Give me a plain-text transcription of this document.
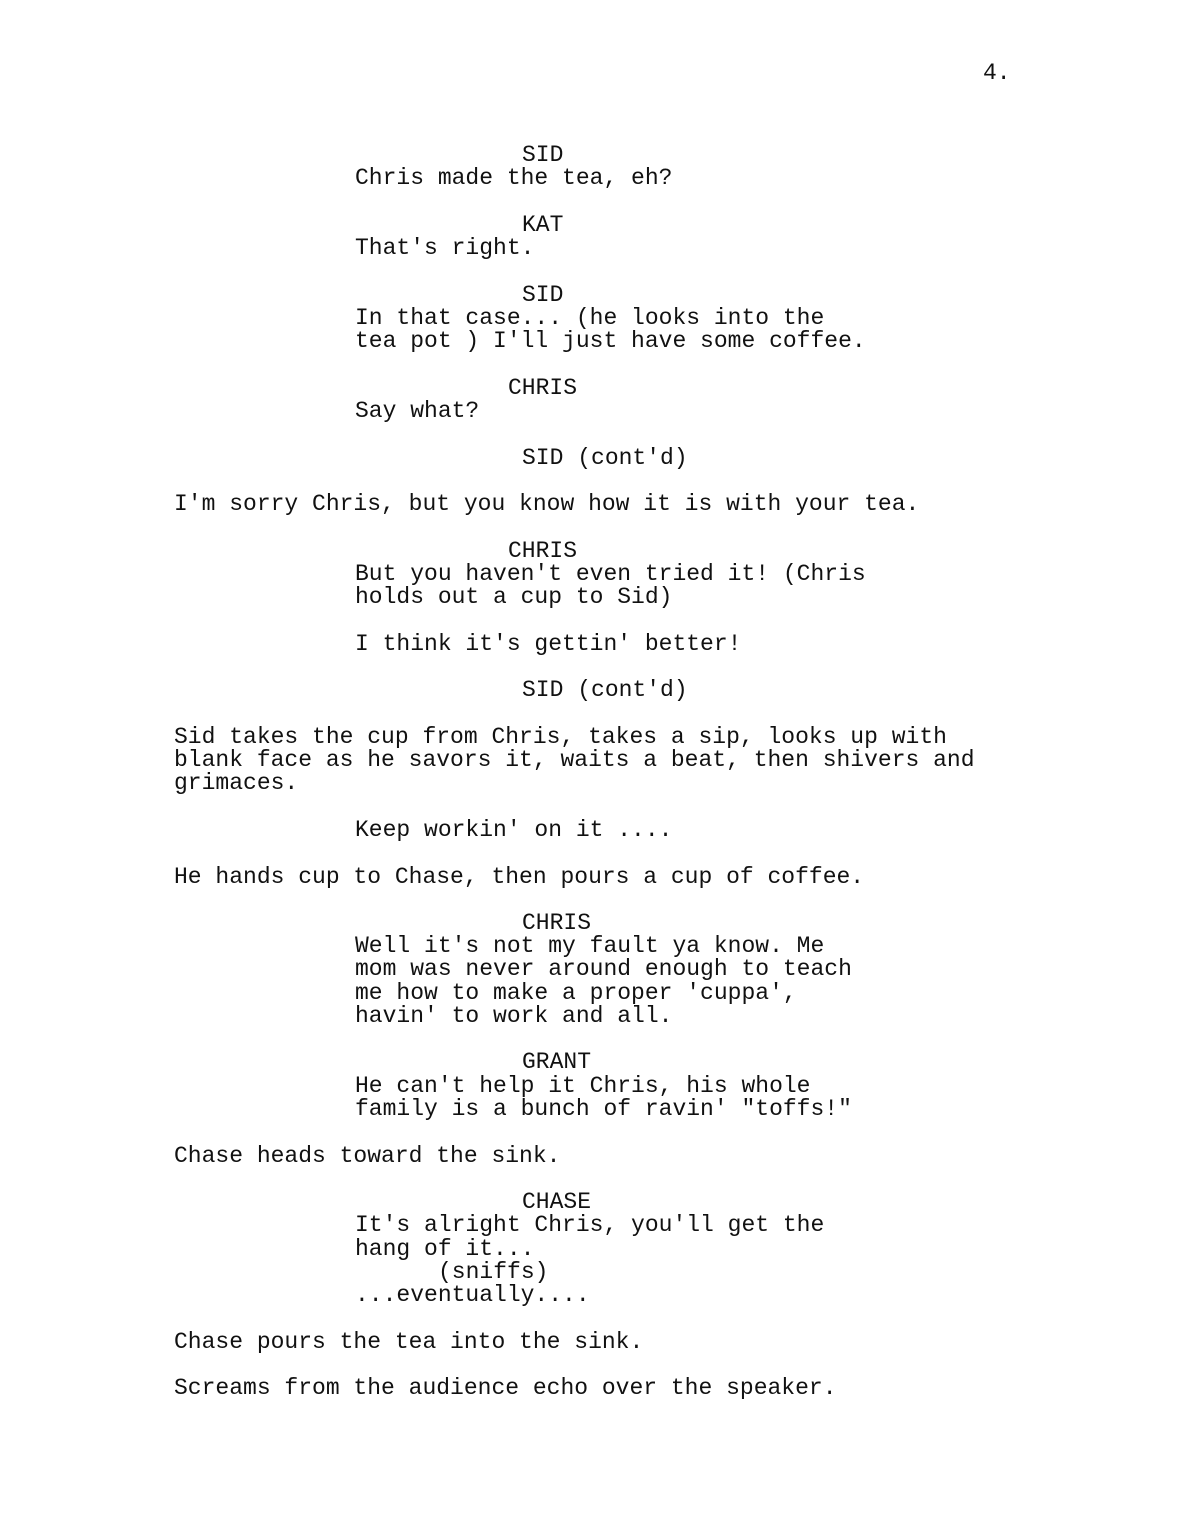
4.
SID
Chris made the tea, eh?
KAT
That's right.
SID
In that case... (he looks into the
tea pot ) I'll just have some coffee.
CHRIS
Say what?
SID (cont'd)
I'm sorry Chris, but you know how it is with your tea.
CHRIS
But you haven't even tried it! (Chris
holds out a cup to Sid)
I think it's gettin' better!
SID (cont'd)
Sid takes the cup from Chris, takes a sip, looks up with
blank face as he savors it, waits a beat, then shivers and
grimaces.
Keep workin' on it ....
He hands cup to Chase, then pours a cup of coffee.
CHRIS
Well it's not my fault ya know. Me
mom was never around enough to teach
me how to make a proper 'cuppa',
havin' to work and all.
GRANT
He can't help it Chris, his whole
family is a bunch of ravin' "toffs!"
Chase heads toward the sink.
CHASE
It's alright Chris, you'll get the
hang of it...
(sniffs)
...eventually....
Chase pours the tea into the sink.
Screams from the audience echo over the speaker.
